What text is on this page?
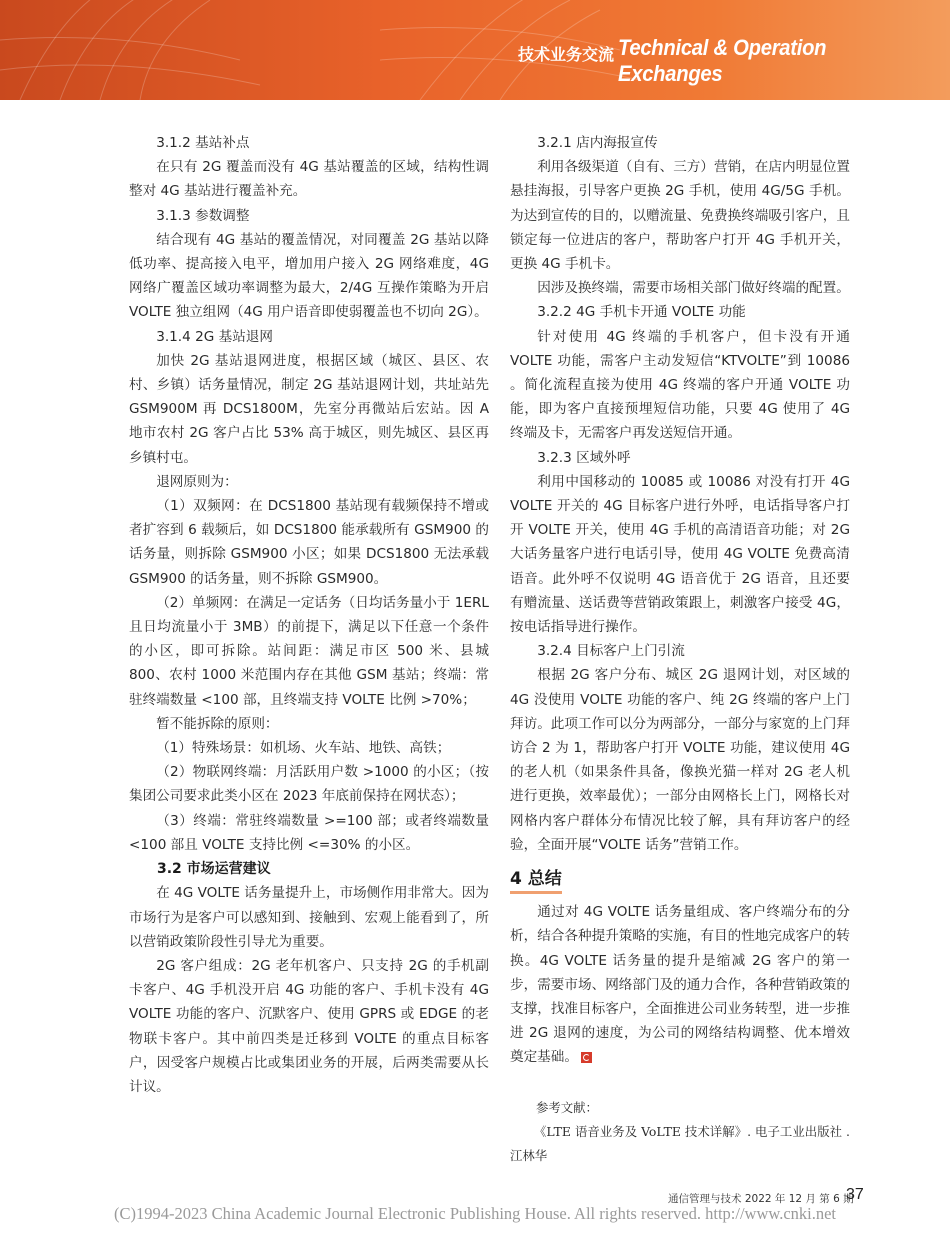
技术业务交流 Technical & Operation Exchanges

3.1.2 基站补点

在只有 2G 覆盖而没有 4G 基站覆盖的区域，结构性调整对 4G 基站进行覆盖补充。

3.1.3 参数调整

结合现有 4G 基站的覆盖情况，对同覆盖 2G 基站以降低功率、提高接入电平，增加用户接入 2G 网络难度，4G 网络广覆盖区域功率调整为最大，2/4G 互操作策略为开启 VOLTE 独立组网（4G 用户语音即使弱覆盖也不切向 2G）。

3.1.4 2G 基站退网

加快 2G 基站退网进度，根据区域（城区、县区、农村、乡镇）话务量情况，制定 2G 基站退网计划，共址站先 GSM900M 再 DCS1800M，先室分再微站后宏站。因 A 地市农村 2G 客户占比 53% 高于城区，则先城区、县区再乡镇村屯。

退网原则为：

（1）双频网：在 DCS1800 基站现有载频保持不增或者扩容到 6 载频后，如 DCS1800 能承载所有 GSM900 的话务量，则拆除 GSM900 小区；如果 DCS1800 无法承载 GSM900 的话务量，则不拆除 GSM900。

（2）单频网：在满足一定话务（日均话务量小于 1ERL 且日均流量小于 3MB）的前提下，满足以下任意一个条件的小区，即可拆除。站间距：满足市区 500 米、县城 800、农村 1000 米范围内存在其他 GSM 基站；终端：常驻终端数量 <100 部，且终端支持 VOLTE 比例 >70%；

暂不能拆除的原则：

（1）特殊场景：如机场、火车站、地铁、高铁；

（2）物联网终端：月活跃用户数 >1000 的小区；（按集团公司要求此类小区在 2023 年底前保持在网状态）；

（3）终端：常驻终端数量 >=100 部；或者终端数量 <100 部且 VOLTE 支持比例 <=30% 的小区。

3.2 市场运营建议

在 4G VOLTE 话务量提升上，市场侧作用非常大。因为市场行为是客户可以感知到、接触到、宏观上能看到了，所以营销政策阶段性引导尤为重要。

2G 客户组成：2G 老年机客户、只支持 2G 的手机副卡客户、4G 手机没开启 4G 功能的客户、手机卡没有 4G VOLTE 功能的客户、沉默客户、使用 GPRS 或 EDGE 的老物联卡客户。其中前四类是迁移到 VOLTE 的重点目标客户，因受客户规模占比或集团业务的开展，后两类需要从长计议。

3.2.1 店内海报宣传

利用各级渠道（自有、三方）营销，在店内明显位置悬挂海报，引导客户更换 2G 手机，使用 4G/5G 手机。为达到宣传的目的，以赠流量、免费换终端吸引客户，且锁定每一位进店的客户，帮助客户打开 4G 手机开关，更换 4G 手机卡。

因涉及换终端，需要市场相关部门做好终端的配置。

3.2.2 4G 手机卡开通 VOLTE 功能

针对使用 4G 终端的手机客户，但卡没有开通 VOLTE 功能，需客户主动发短信“KTVOLTE”到 10086 。简化流程直接为使用 4G 终端的客户开通 VOLTE 功能，即为客户直接预埋短信功能，只要 4G 使用了 4G 终端及卡，无需客户再发送短信开通。

3.2.3 区域外呼

利用中国移动的 10085 或 10086 对没有打开 4G VOLTE 开关的 4G 目标客户进行外呼，电话指导客户打开 VOLTE 开关，使用 4G 手机的高清语音功能；对 2G 大话务量客户进行电话引导，使用 4G VOLTE 免费高清语音。此外呼不仅说明 4G 语音优于 2G 语音，且还要有赠流量、送话费等营销政策跟上，刺激客户接受 4G，按电话指导进行操作。

3.2.4 目标客户上门引流

根据 2G 客户分布、城区 2G 退网计划，对区域的 4G 没使用 VOLTE 功能的客户、纯 2G 终端的客户上门拜访。此项工作可以分为两部分，一部分与家宽的上门拜访合 2 为 1，帮助客户打开 VOLTE 功能，建议使用 4G 的老人机（如果条件具备，像换光猫一样对 2G 老人机进行更换，效率最优）；一部分由网格长上门，网格长对网格内客户群体分布情况比较了解，具有拜访客户的经验，全面开展“VOLTE 话务”营销工作。

4 总结

通过对 4G VOLTE 话务量组成、客户终端分布的分析，结合各种提升策略的实施，有目的性地完成客户的转换。4G VOLTE 话务量的提升是缩减 2G 客户的第一步，需要市场、网络部门及的通力合作，各种营销政策的支撑，找准目标客户，全面推进公司业务转型，进一步推进 2G 退网的速度，为公司的网络结构调整、优本增效奠定基础。

参考文献：

《LTE 语音业务及 VoLTE 技术详解》. 电子工业出版社 . 江林华

通信管理与技术 2022 年 12 月 第 6 期
37
(C)1994-2023 China Academic Journal Electronic Publishing House. All rights reserved. http://www.cnki.net
